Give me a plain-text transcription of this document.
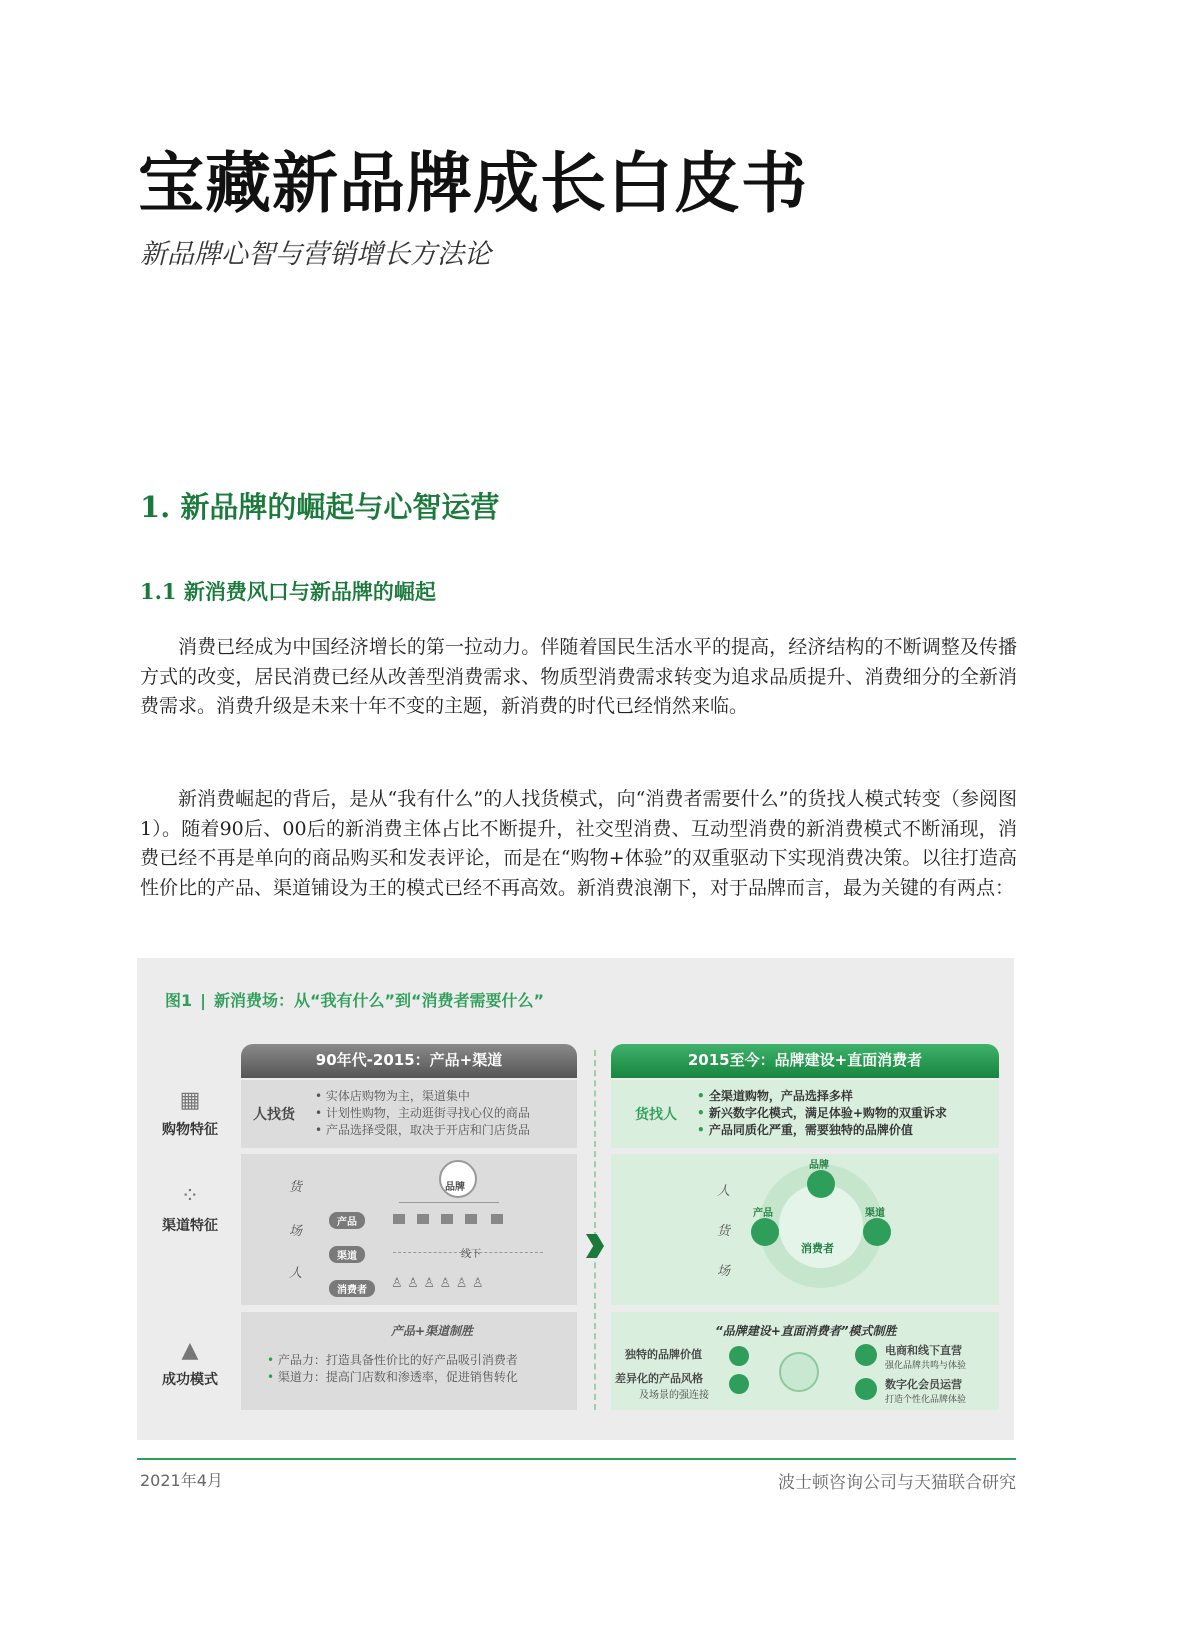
宝藏新品牌成长白皮书
新品牌心智与营销增长方法论
1. 新品牌的崛起与心智运营
1.1 新消费风口与新品牌的崛起
消费已经成为中国经济增长的第一拉动力。伴随着国民生活水平的提高，经济结构的不断调整及传播方式的改变，居民消费已经从改善型消费需求、物质型消费需求转变为追求品质提升、消费细分的全新消费需求。消费升级是未来十年不变的主题，新消费的时代已经悄然来临。
新消费崛起的背后，是从“我有什么”的人找货模式，向“消费者需要什么”的货找人模式转变（参阅图1）。随着90后、00后的新消费主体占比不断提升，社交型消费、互动型消费的新消费模式不断涌现，消费已经不再是单向的商品购买和发表评论，而是在“购物+体验”的双重驱动下实现消费决策。以往打造高性价比的产品、渠道铺设为王的模式已经不再高效。新消费浪潮下，对于品牌而言，最为关键的有两点：
图1 | 新消费场：从“我有什么”到“消费者需要什么”
90年代-2015：产品+渠道	2015至今：品牌建设+直面消费者
▦
购物特征
⁘
渠道特征
▲
成功模式
人找货
• 实体店购物为主，渠道集中
• 计划性购物，主动逛街寻找心仪的商品
• 产品选择受限，取决于开店和门店货品
货
场
人
品牌
产品
渠道
消费者
线下
♙ ♙ ♙ ♙ ♙ ♙
产品+渠道制胜
• 产品力：打造具备性价比的好产品吸引消费者
• 渠道力：提高门店数和渗透率，促进销售转化
货找人
• 全渠道购物，产品选择多样
• 新兴数字化模式，满足体验+购物的双重诉求
• 产品同质化严重，需要独特的品牌价值
人
货
场
消费者
品牌
产品	渠道
“品牌建设+直面消费者”模式制胜
独特的品牌价值
差异化的产品风格
及场景的强连接
电商和线下直营
强化品牌共鸣与体验
数字化会员运营
打造个性化品牌体验
2021年4月	波士顿咨询公司与天猫联合研究
